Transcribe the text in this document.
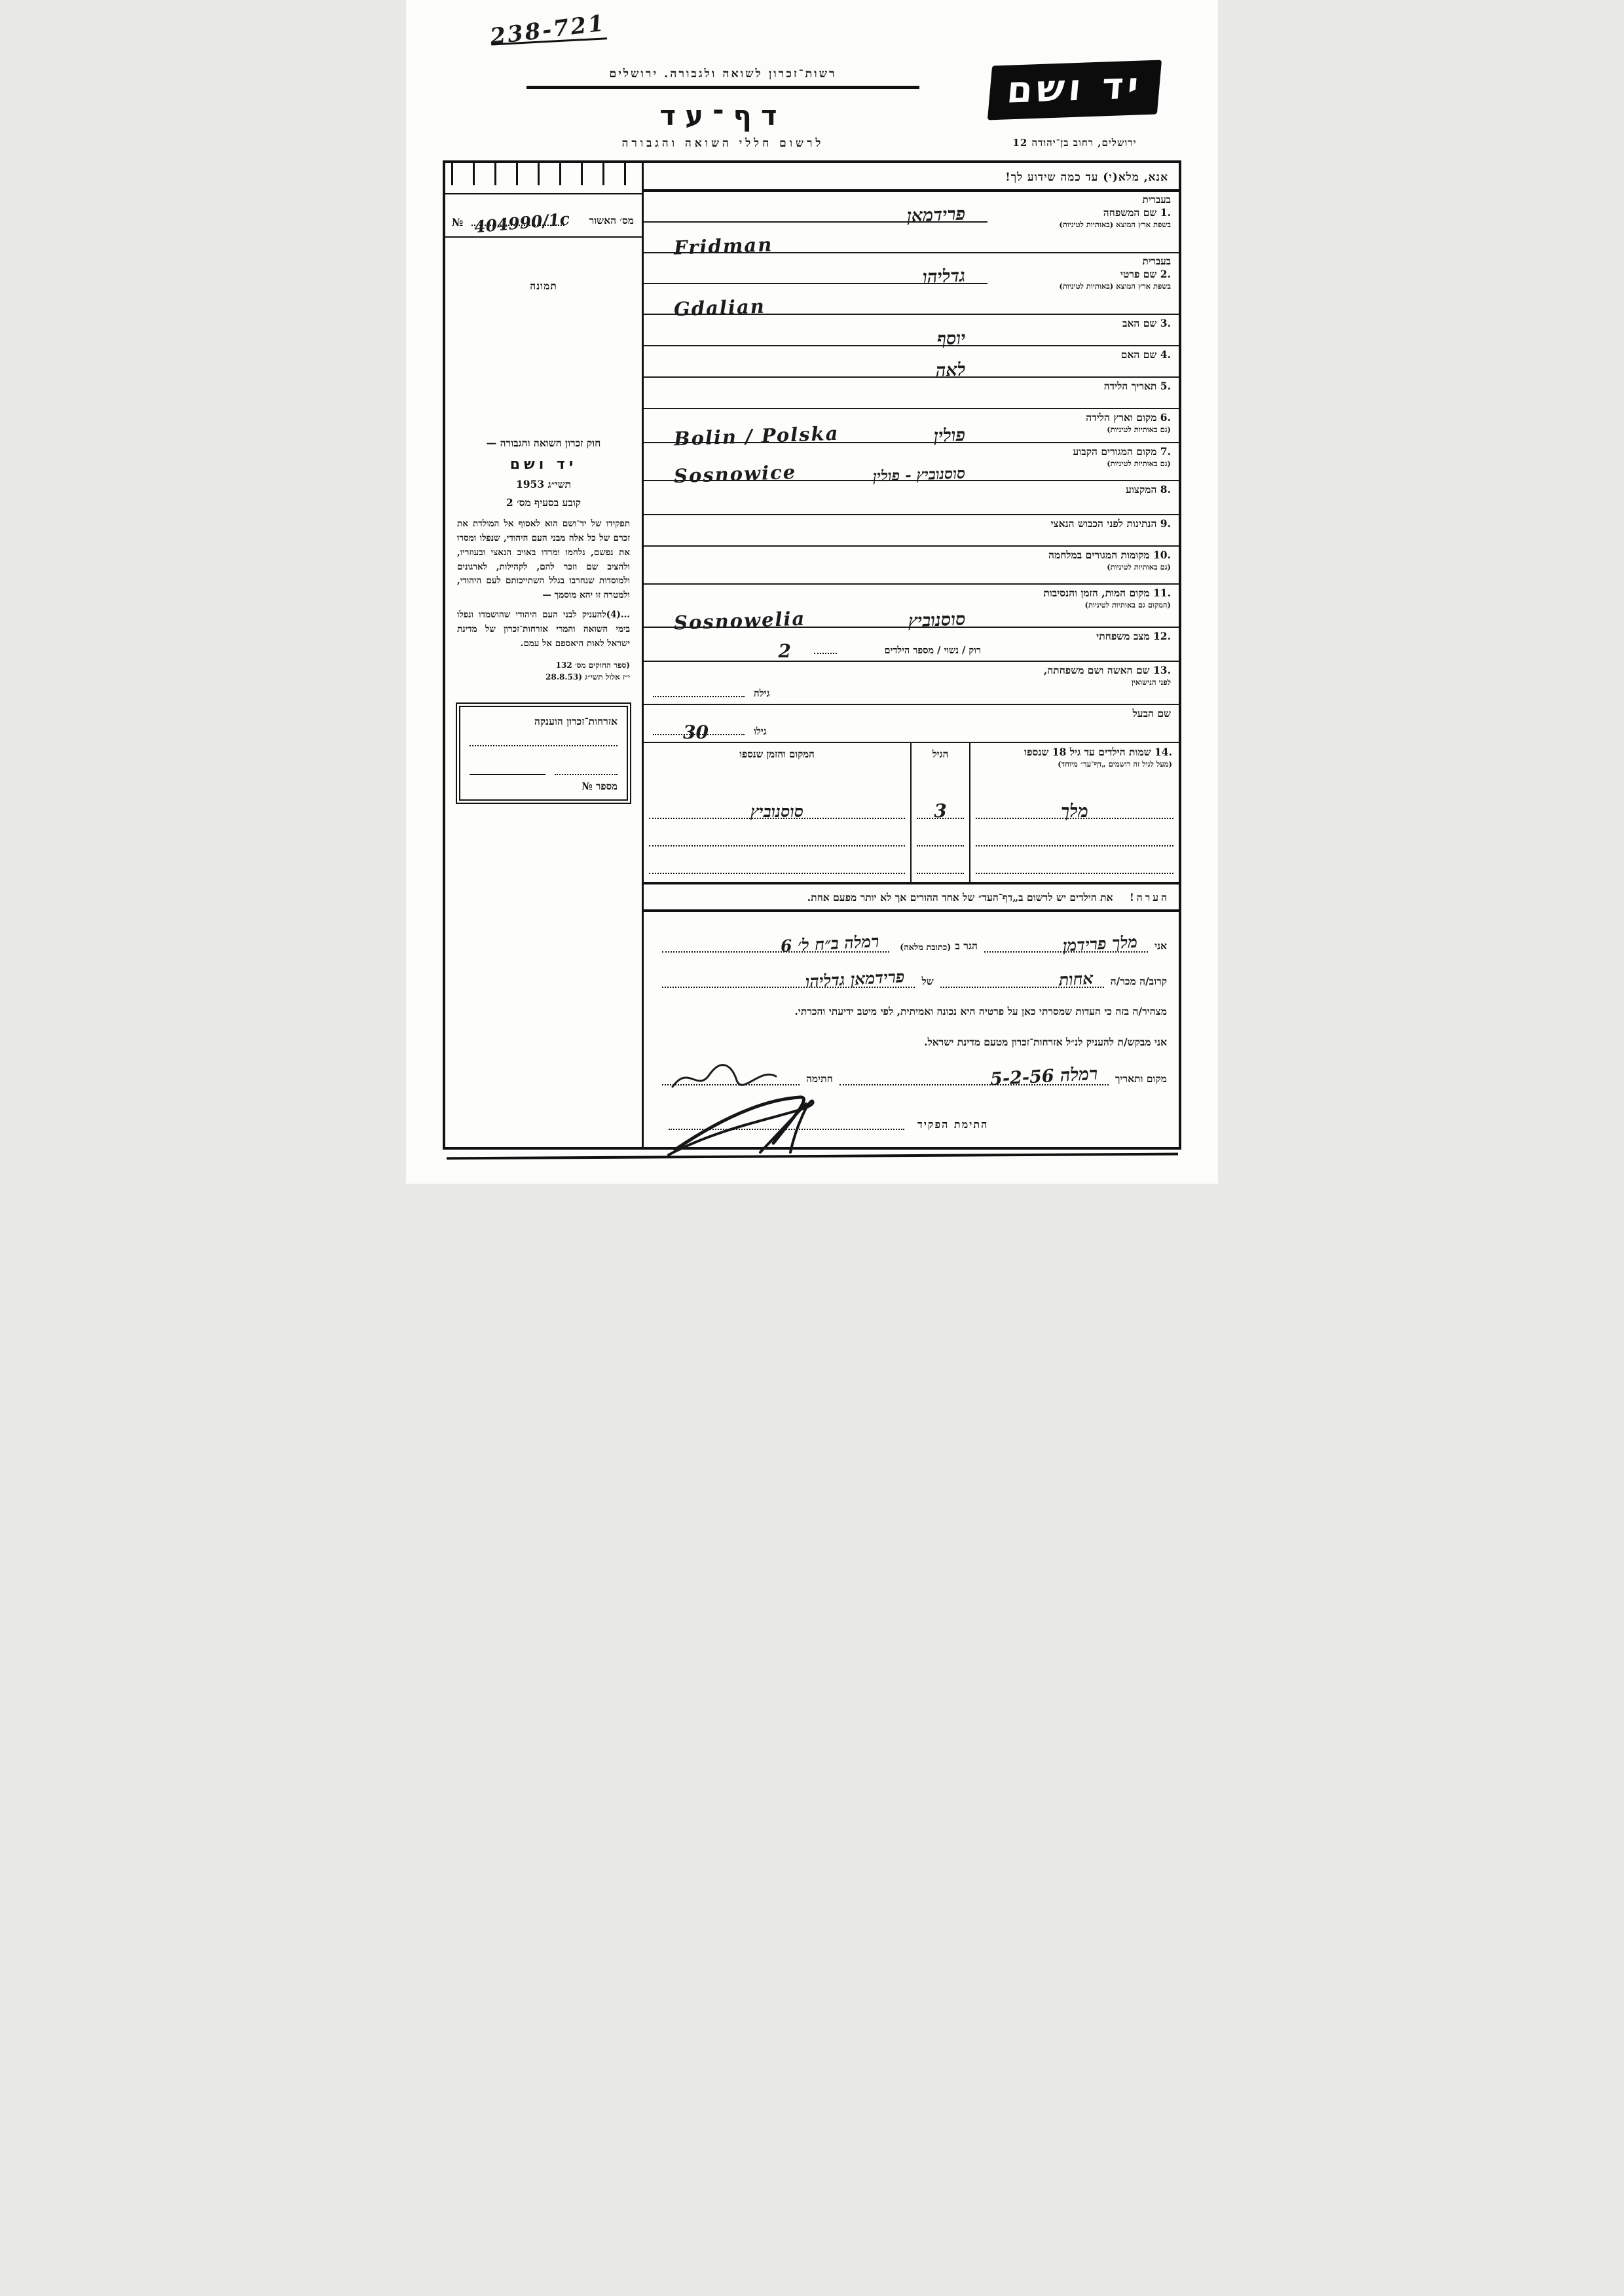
238-721
יד ושם
ירושלים, רחוב בן־יהודה 12
רשות־זכרון לשואה ולגבורה. ירושלים
דף־עד
לרשום חללי השואה והגבורה
אנא, מלא(י) עד כמה שידוע לך!
בעברית
.1 שם המשפחה
בשפת ארץ המוצא (באותיות לטיניות)
פרידמאן
Fridman
בעברית
.2 שם פרטי
בשפת ארץ המוצא (באותיות לטיניות)
גדליהו
Gdalian
.3 שם האב
יוסף
.4 שם האם
לאה
.5 תאריך הלידה
.6 מקום וארץ הלידה
(גם באותיות לטיניות)
פולין
Bolin / Polska
.7 מקום המגורים הקבוע
(גם באותיות לטיניות)
סוסנוביץ - פולין
Sosnowice
.8 המקצוע
.9 הנתינות לפני הכבוש הנאצי
.10 מקומות המגורים במלחמה
(גם באותיות לטיניות)
.11 מקום המות, הזמן והנסיבות
(המקום גם באותיות לטיניות)
סוסנוביץ
Sosnowelia
.12 מצב משפחתי
רוק / נשוי / מספר הילדים
2
.13 שם האשה ושם משפחתה,
לפני הנישואין
גילה
שם הבעל
גילו
30
.14 שמות הילדים עד גיל 18 שנספו
(מעל לגיל זה רושמים „דף־עד״ מיוחד)
מלך
הגיל
3
המקום והזמן שנספו
סוסנוביץ
הערה! את הילדים יש לרשום ב„דף־העד״ של אחד ההורים אך לא יותר מפעם אחת.
אני
מלך פרידמן
הגר ב
(כתובת מלאה)
רמלה ב״ח ל׳ 6
קרוב/ה מכר/ה
אחות
של
פרידמאן גדליהו
מצהיר/ה בזה כי העדות שמסרתי כאן על פרטיה היא נכונה ואמיתית, לפי מיטב ידיעתי והכרתי.
אני מבקש/ת להעניק לנ״ל אזרחות־זכרון מטעם מדינת ישראל.
מקום ותאריך
רמלה 5-2-56
חתימה
התימת הפקיד
מס׳ האשור
404990/1c
№
תמונה
חוק זכרון השואה והגבורה —
יד ושם
תשי״ג 1953
קובע בסעיף מס׳ 2
תפקידו של יד־ושם הוא לאסוף אל המולדת את זכרם של כל אלה מבני העם היהודי, שנפלו ומסרו את נפשם, נלחמו ומרדו באויב הנאצי ובעוזריו, ולהציב שם וזכר להם, לקהילות, לארגונים ולמוסדות שנחרבו בגלל השתייכותם לעם היהודי, ולמטרה זו יהא מוסמך —
...(4)להעניק לבני העם היהודי שהושמדו ונפלו בימי השואה והמרי אזרחות־זכרון של מדינת ישראל לאות היאספם אל עמם.
(ספר החוקים מס׳ 132
י״ז אלול תשי״ג (28.8.53
אזרחות־זכרון הוענקה
מספר №
